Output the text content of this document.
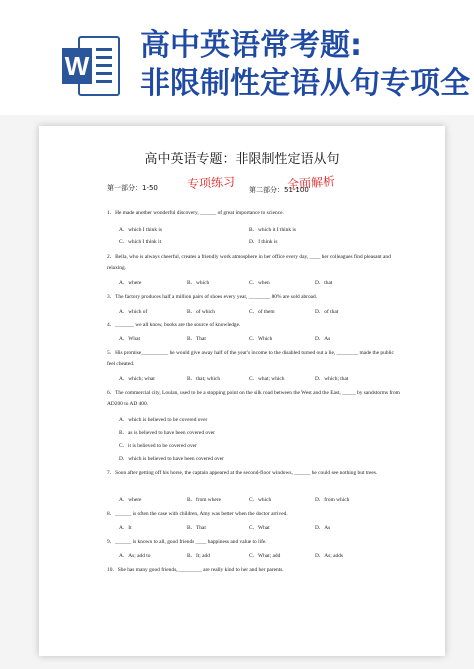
W
高中英语常考题:
非限制性定语从句专项全
高中英语专题：非限制性定语从句
专项练习	全面解析
第一部分：1-50	第二部分：51-100
1．He made another wonderful discovery, ______ of great importance to science.
A．which I think is	B．which it I think is
C．which I think it	D．I think is
2．Bella, who is always cheerful, creates a friendly work atmosphere in her office every day, ____ her colleagues find pleasant and relaxing.
A．where	B．which	C．when	D．that
3．The factory produces half a million pairs of shoes every year, ________ 80% are sold abroad.
A．which of	B．of which	C．of them	D．of that
4．_______ we all know, books are the source of knowledge.
A．What	B．That	C．Which	D．As
5．His promise__________ he would give away half of the year's income to the disabled turned out a lie, ________ made the public feel cheated.
A．which; what	B．that; which	C．what; which	D．which; that
6．The commercial city, Loulan, used to be a stopping point on the silk road between the West and the East, _____ by sandstorms from AD200 to AD 400.
A．which is believed to be covered over
B．as is believed to have been covered over
C．it is believed to be covered over
D．which is believed to have been covered over
7．Soon after getting off his horse, the captain appeared at the second-floor windows, ______ he could see nothing but trees.
A．where	B．from where	C．which	D．from which
8．______ is often the case with children, Amy was better when the doctor arrived.
A．It	B．That	C．What	D．As
9．______ is known to all, good friends ____ happiness and value to life.
A．As; add to	B．It; add	C．What; add	D．As; adds
10．She has many good friends,_________ are really kind to her and her parents.
